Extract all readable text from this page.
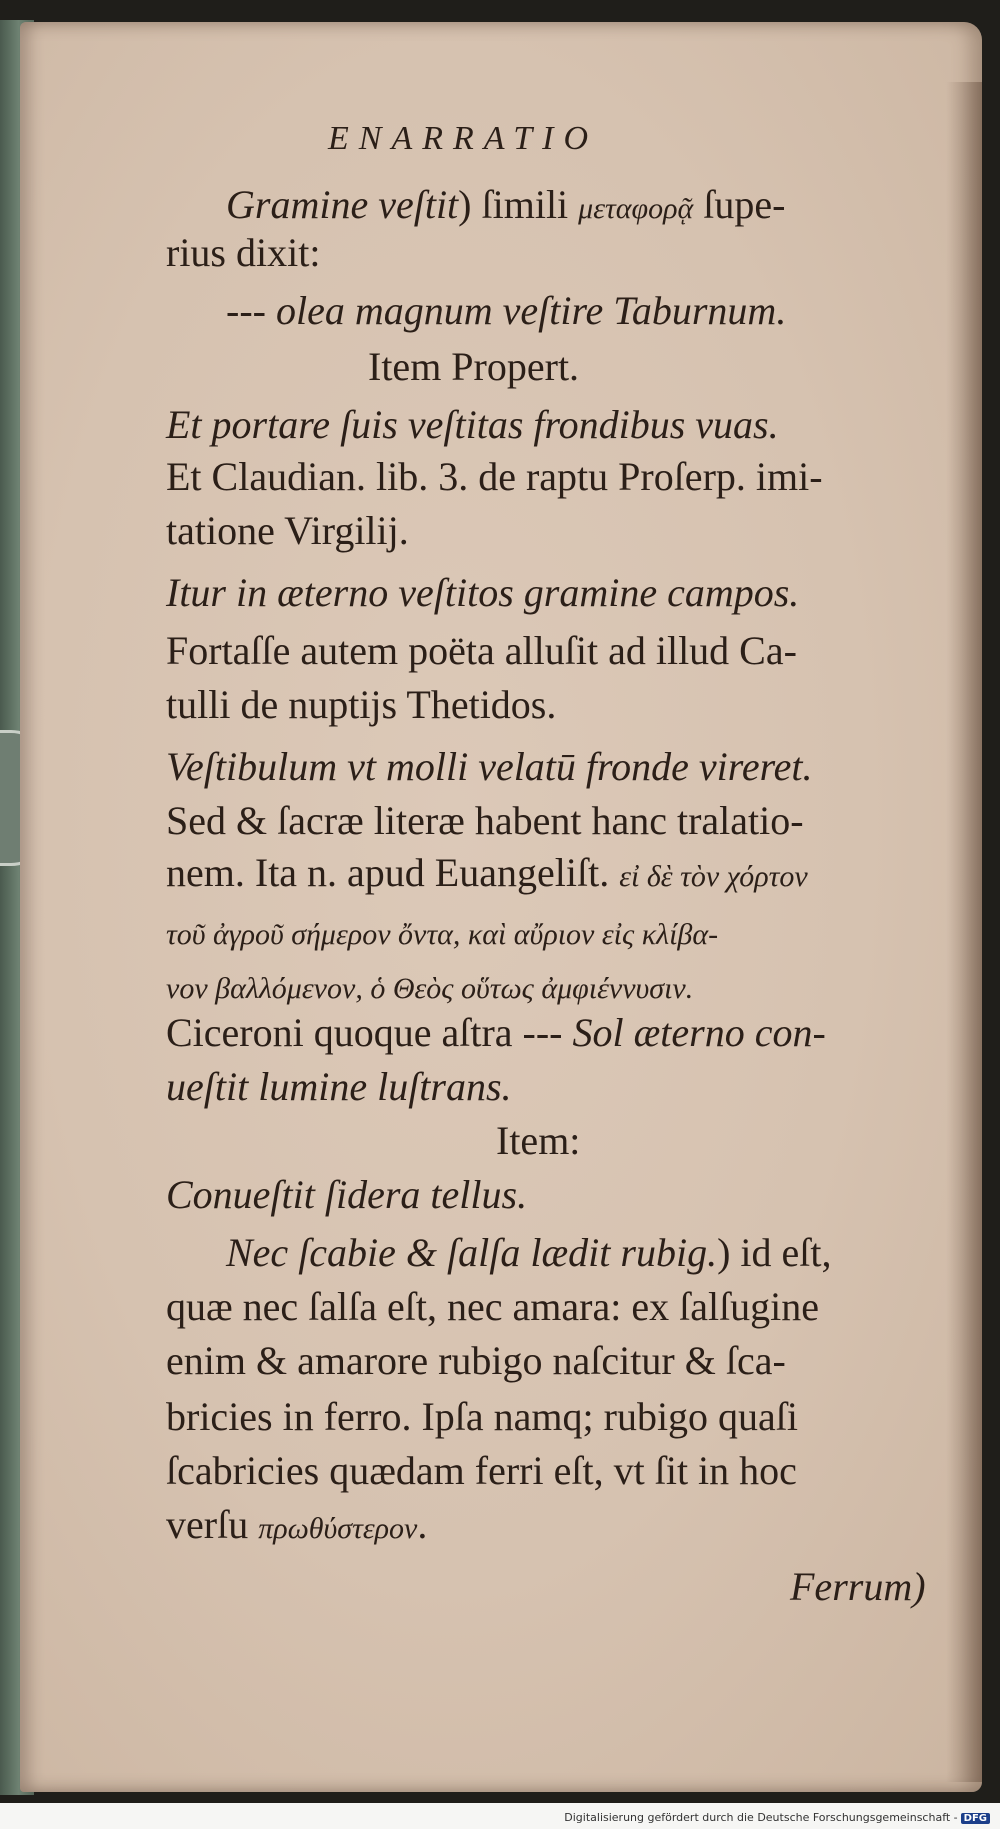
ENARRATIO
Gramine veſtit) ſimili μεταφορᾷ ſupe-
rius dixit:
--- olea magnum veſtire Taburnum.
Item Propert.
Et portare ſuis veſtitas frondibus vuas.
Et Claudian. lib. 3. de raptu Proſerp. imi-
tatione Virgilij.
Itur in æterno veſtitos gramine campos.
Fortaſſe autem poëta alluſit ad illud Ca-
tulli de nuptijs Thetidos.
Veſtibulum vt molli velatū fronde vireret.
Sed & ſacræ literæ habent hanc tralatio-
nem. Ita n. apud Euangeliſt. εἰ δὲ τὸν χόρτον
τοῦ ἀγροῦ σήμερον ὄντα, καὶ αὔριον εἰς κλίβα-
νον βαλλόμενον, ὁ Θεὸς οὕτως ἀμφιέννυσιν.
Ciceroni quoque aſtra --- Sol æterno con-
ueſtit lumine luſtrans.
Item:
Conueſtit ſidera tellus.
Nec ſcabie & ſalſa lædit rubig.) id eſt,
quæ nec ſalſa eſt, nec amara: ex ſalſugine
enim & amarore rubigo naſcitur & ſca-
bricies in ferro. Ipſa namq; rubigo quaſi
ſcabricies quædam ferri eſt, vt ſit in hoc
verſu πρωθύστερον.
Ferrum)
Digitalisierung gefördert durch die Deutsche Forschungsgemeinschaft - DFG
